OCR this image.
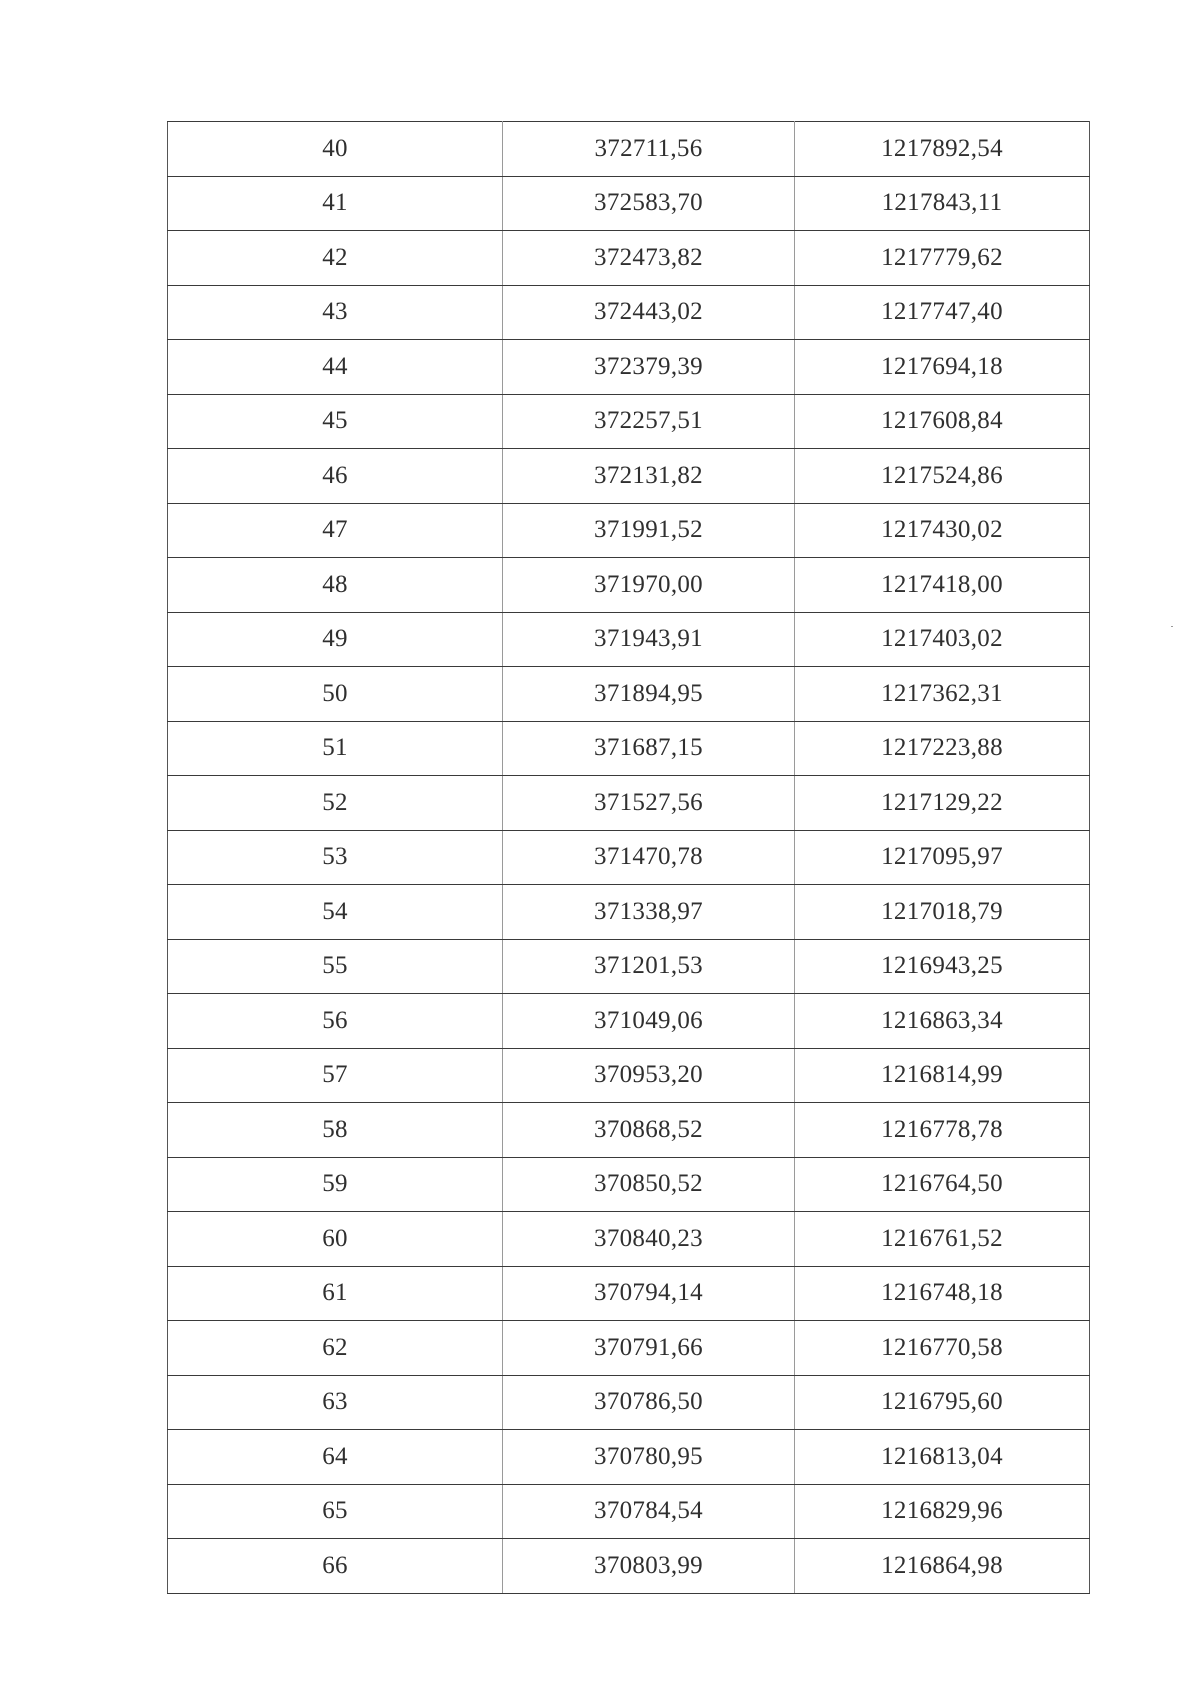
40	372711,56	1217892,54
41	372583,70	1217843,11
42	372473,82	1217779,62
43	372443,02	1217747,40
44	372379,39	1217694,18
45	372257,51	1217608,84
46	372131,82	1217524,86
47	371991,52	1217430,02
48	371970,00	1217418,00
49	371943,91	1217403,02
50	371894,95	1217362,31
51	371687,15	1217223,88
52	371527,56	1217129,22
53	371470,78	1217095,97
54	371338,97	1217018,79
55	371201,53	1216943,25
56	371049,06	1216863,34
57	370953,20	1216814,99
58	370868,52	1216778,78
59	370850,52	1216764,50
60	370840,23	1216761,52
61	370794,14	1216748,18
62	370791,66	1216770,58
63	370786,50	1216795,60
64	370780,95	1216813,04
65	370784,54	1216829,96
66	370803,99	1216864,98
